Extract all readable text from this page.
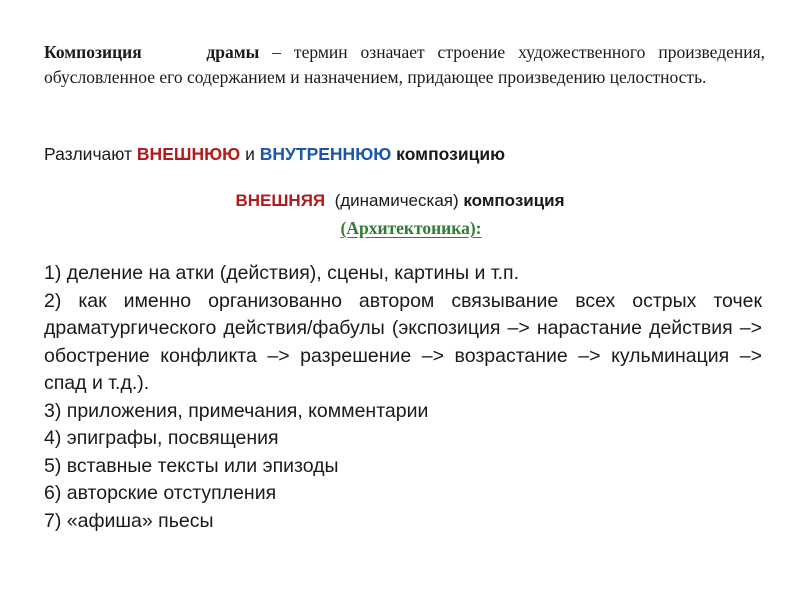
Композиция	драмы – термин означает строение художественного произведения, обусловленное его содержанием и назначением, придающее произведению целостность.
Различают ВНЕШНЮЮ и ВНУТРЕННЮЮ композицию
ВНЕШНЯЯ (динамическая) композиция
(Архитектоника):
1) деление на атки (действия), сцены, картины и т.п.
2) как именно организованно автором связывание всех острых точек драматургического действия/фабулы (экспозиция –> нарастание действия –> обострение конфликта –> разрешение –> возрастание –> кульминация –> спад и т.д.).
3) приложения, примечания, комментарии
4) эпиграфы, посвящения
5) вставные тексты или эпизоды
6) авторские отступления
7) «афиша» пьесы
